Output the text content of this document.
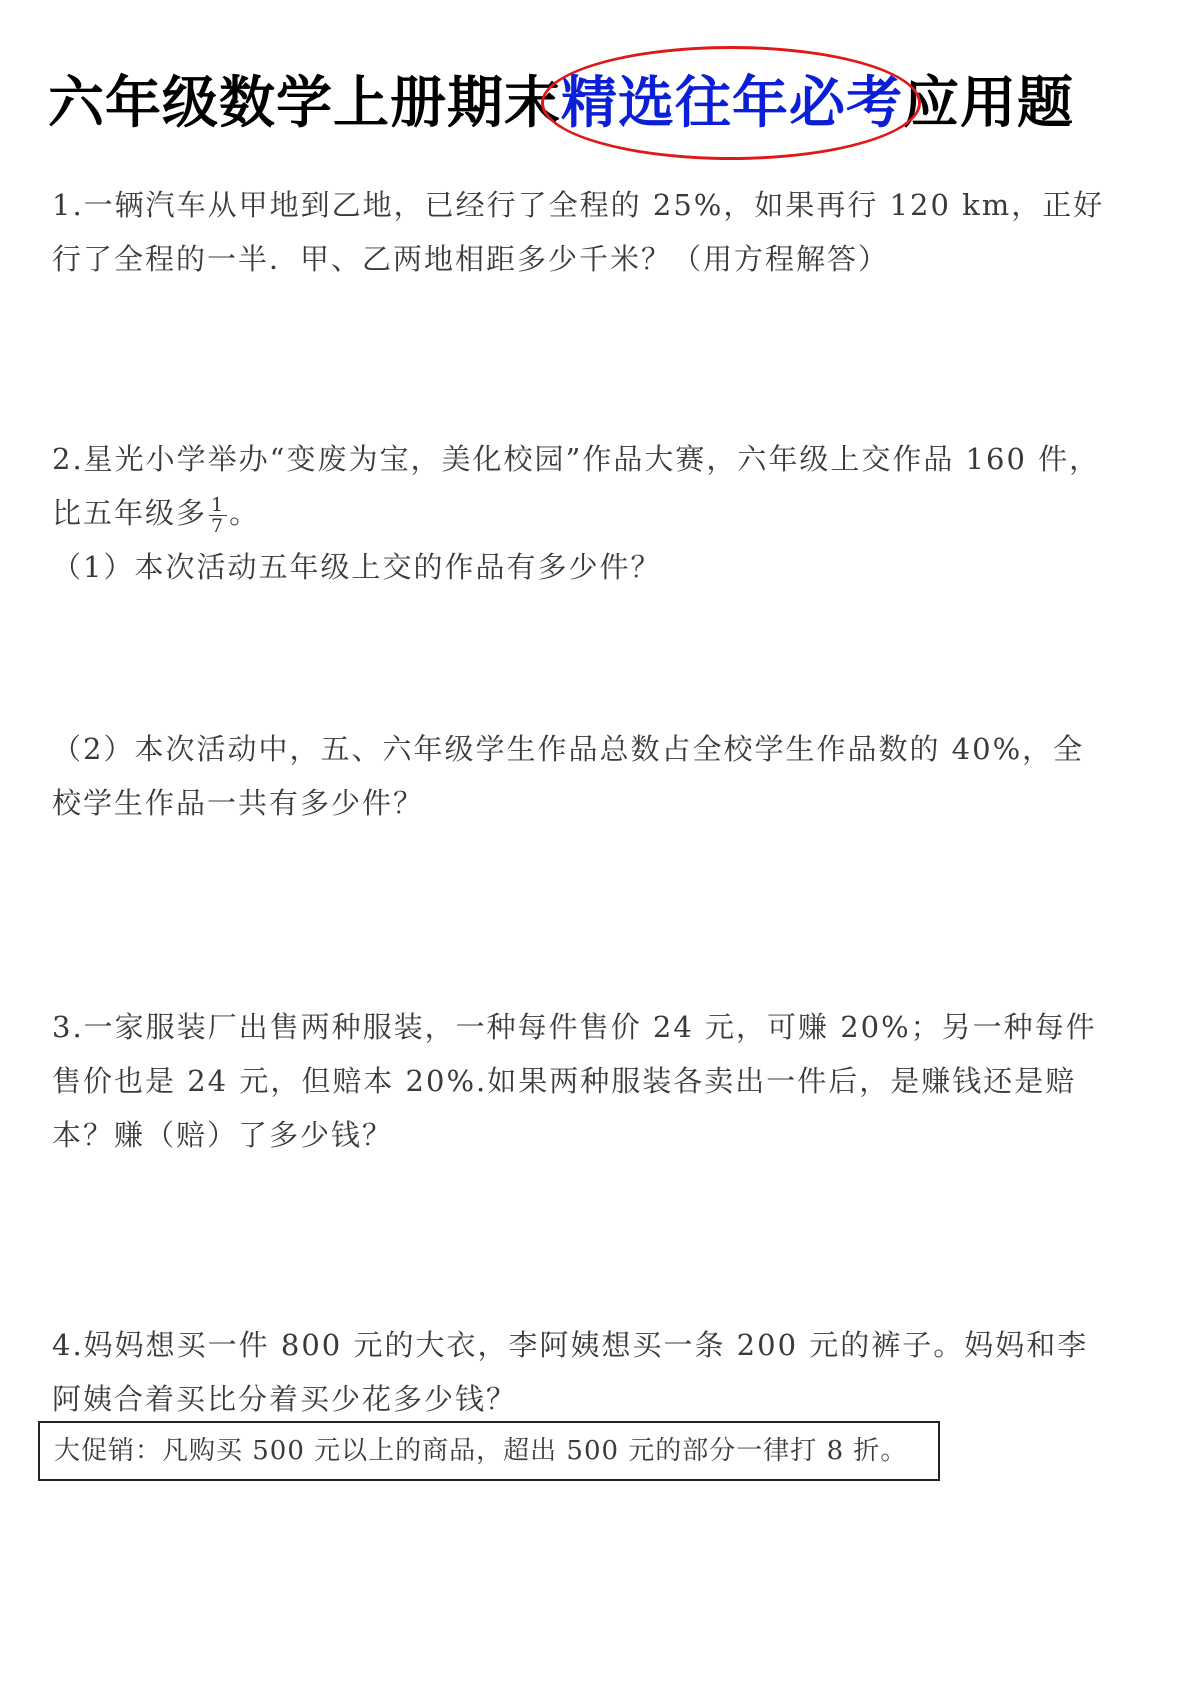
六年级数学上册期末精选往年必考
应用题

1.一辆汽车从甲地到乙地，已经行了全程的 25%，如果再行 120 km，正好

行了全程的一半．甲、乙两地相距多少千米？（用方程解答）

2.星光小学举办“变废为宝，美化校园”作品大赛，六年级上交作品 160 件，

比五年级多 $\frac{1}{7}$ 。

（1）本次活动五年级上交的作品有多少件？

（2）本次活动中，五、六年级学生作品总数占全校学生作品数的 40%，全

校学生作品一共有多少件？

3.一家服装厂出售两种服装，一种每件售价 24 元，可赚 20%；另一种每件

售价也是 24 元，但赔本 20%.如果两种服装各卖出一件后，是赚钱还是赔

本？赚（赔）了多少钱？

4.妈妈想买一件 800 元的大衣，李阿姨想买一条 200 元的裤子。妈妈和李

阿姨合着买比分着买少花多少钱？

大促销：凡购买 500 元以上的商品，超出 500 元的部分一律打 8 折。
